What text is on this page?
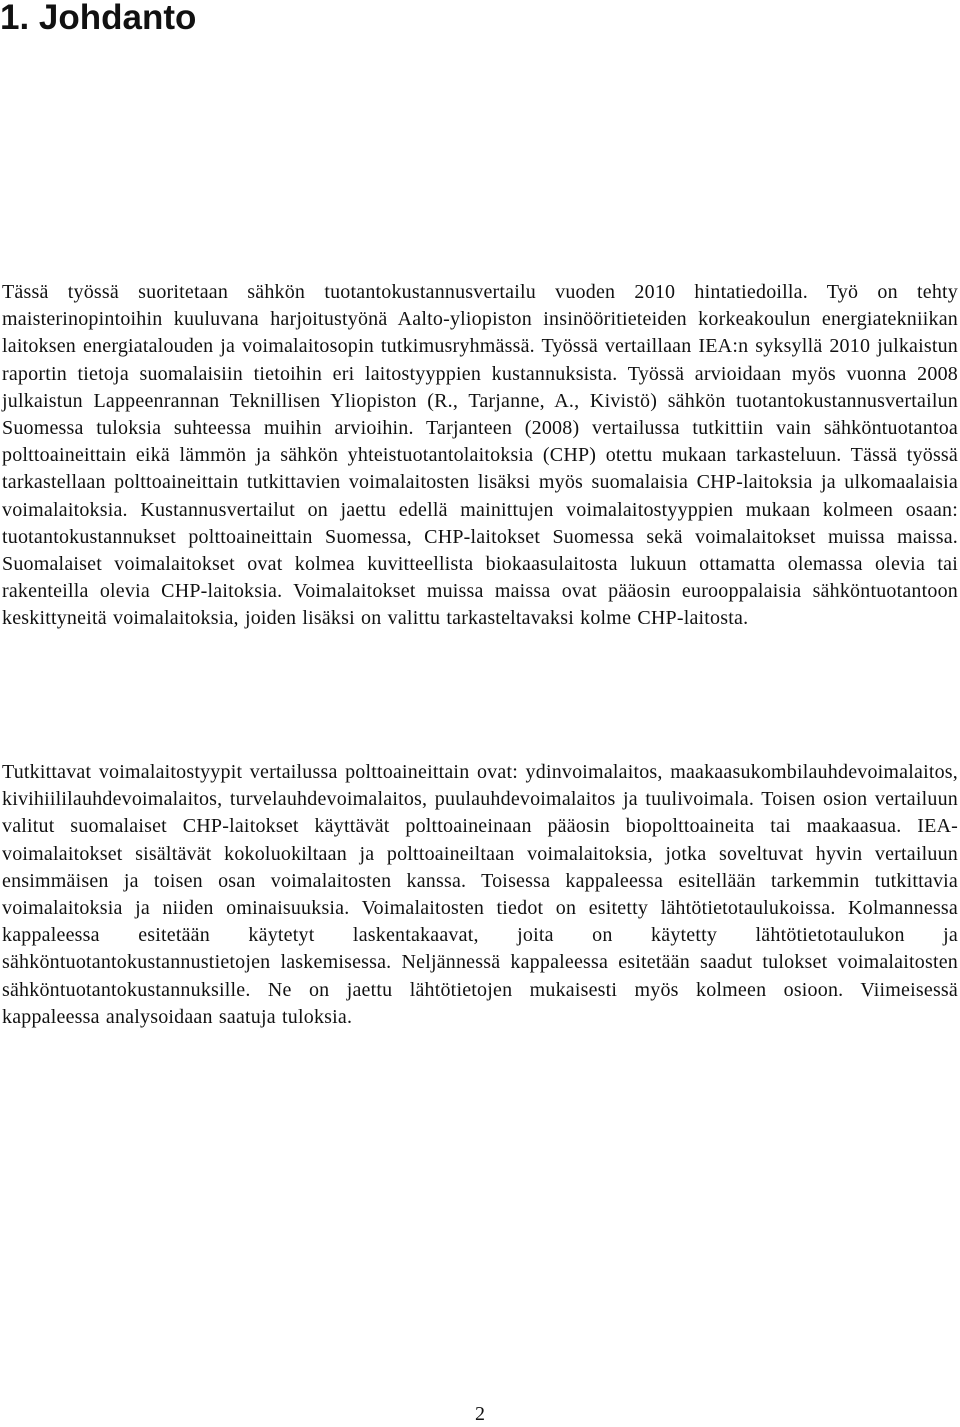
1. Johdanto

Tässä työssä suoritetaan sähkön tuotantokustannusvertailu vuoden 2010 hintatiedoilla. Työ on tehty maisterinopintoihin kuuluvana harjoitustyönä Aalto-yliopiston insinööritieteiden korkeakoulun energiatekniikan laitoksen energiatalouden ja voimalaitosopin tutkimusryhmässä. Työssä vertaillaan IEA:n syksyllä 2010 julkaistun raportin tietoja suomalaisiin tietoihin eri laitostyyppien kustannuksista. Työssä arvioidaan myös vuonna 2008 julkaistun Lappeenrannan Teknillisen Yliopiston (R., Tarjanne, A., Kivistö) sähkön tuotantokustannusvertailun Suomessa tuloksia suhteessa muihin arvioihin. Tarjanteen (2008) vertailussa tutkittiin vain sähköntuotantoa polttoaineittain eikä lämmön ja sähkön yhteistuotantolaitoksia (CHP) otettu mukaan tarkasteluun. Tässä työssä tarkastellaan polttoaineittain tutkittavien voimalaitosten lisäksi myös suomalaisia CHP-laitoksia ja ulkomaalaisia voimalaitoksia. Kustannusvertailut on jaettu edellä mainittujen voimalaitostyyppien mukaan kolmeen osaan: tuotantokustannukset polttoaineittain Suomessa, CHP-laitokset Suomessa sekä voimalaitokset muissa maissa. Suomalaiset voimalaitokset ovat kolmea kuvitteellista biokaasulaitosta lukuun ottamatta olemassa olevia tai rakenteilla olevia CHP-laitoksia. Voimalaitokset muissa maissa ovat pääosin eurooppalaisia sähköntuotantoon keskittyneitä voimalaitoksia, joiden lisäksi on valittu tarkasteltavaksi kolme CHP-laitosta.

Tutkittavat voimalaitostyypit vertailussa polttoaineittain ovat: ydinvoimalaitos, maakaasukombilauhdevoimalaitos, kivihiililauhdevoimalaitos, turvelauhdevoimalaitos, puulauhdevoimalaitos ja tuulivoimala. Toisen osion vertailuun valitut suomalaiset CHP-laitokset käyttävät polttoaineinaan pääosin biopolttoaineita tai maakaasua. IEA-voimalaitokset sisältävät kokoluokiltaan ja polttoaineiltaan voimalaitoksia, jotka soveltuvat hyvin vertailuun ensimmäisen ja toisen osan voimalaitosten kanssa. Toisessa kappaleessa esitellään tarkemmin tutkittavia voimalaitoksia ja niiden ominaisuuksia. Voimalaitosten tiedot on esitetty lähtötietotaulukoissa. Kolmannessa kappaleessa esitetään käytetyt laskentakaavat, joita on käytetty lähtötietotaulukon ja sähköntuotantokustannustietojen laskemisessa. Neljännessä kappaleessa esitetään saadut tulokset voimalaitosten sähköntuotantokustannuksille. Ne on jaettu lähtötietojen mukaisesti myös kolmeen osioon. Viimeisessä kappaleessa analysoidaan saatuja tuloksia.

2
